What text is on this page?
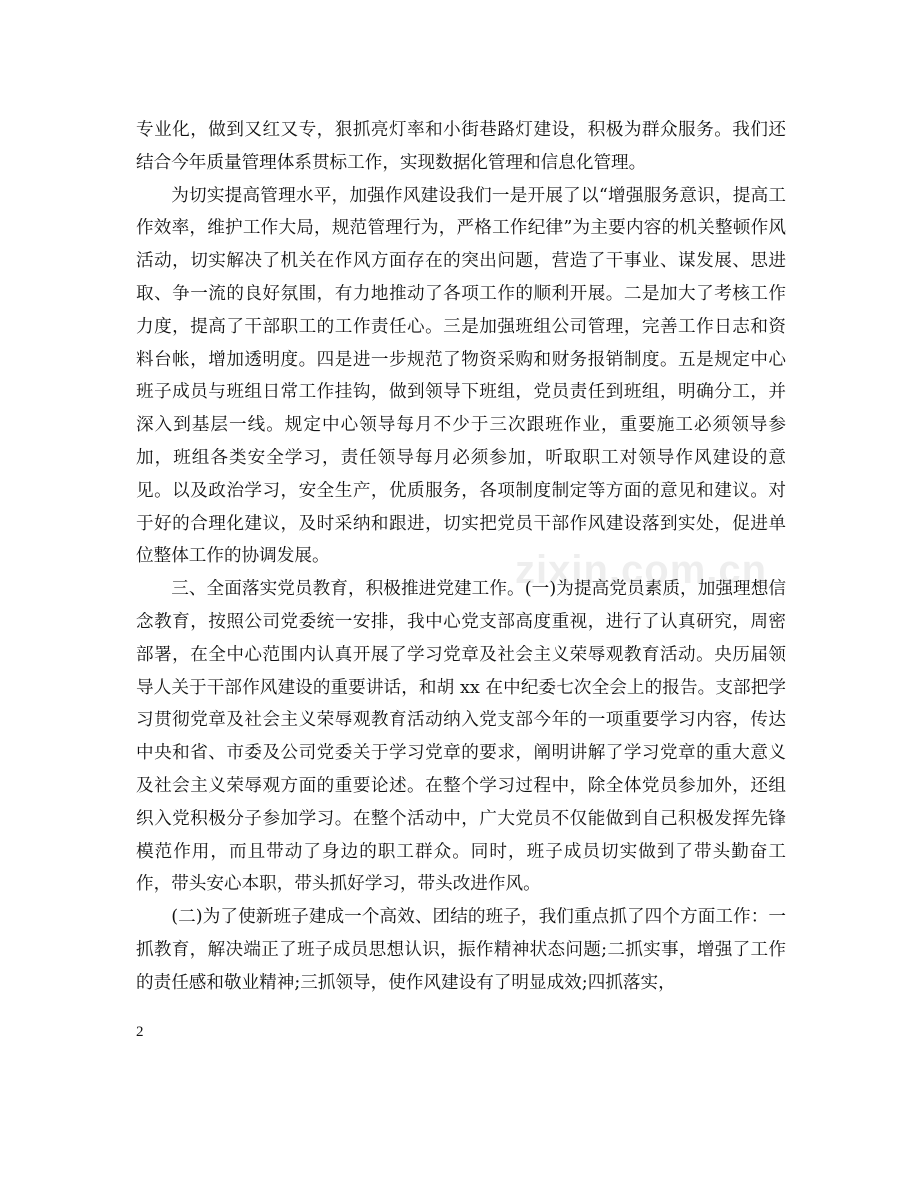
专业化，做到又红又专，狠抓亮灯率和小街巷路灯建设，积极为群众服务。我们还结合今年质量管理体系贯标工作，实现数据化管理和信息化管理。

为切实提高管理水平，加强作风建设我们一是开展了以“增强服务意识，提高工作效率，维护工作大局，规范管理行为，严格工作纪律”为主要内容的机关整顿作风活动，切实解决了机关在作风方面存在的突出问题，营造了干事业、谋发展、思进取、争一流的良好氛围，有力地推动了各项工作的顺利开展。二是加大了考核工作力度，提高了干部职工的工作责任心。三是加强班组公司管理，完善工作日志和资料台帐，增加透明度。四是进一步规范了物资采购和财务报销制度。五是规定中心班子成员与班组日常工作挂钩，做到领导下班组，党员责任到班组，明确分工，并深入到基层一线。规定中心领导每月不少于三次跟班作业，重要施工必须领导参加，班组各类安全学习，责任领导每月必须参加，听取职工对领导作风建设的意见。以及政治学习，安全生产，优质服务，各项制度制定等方面的意见和建议。对于好的合理化建议，及时采纳和跟进，切实把党员干部作风建设落到实处，促进单位整体工作的协调发展。

三、全面落实党员教育，积极推进党建工作。(一)为提高党员素质，加强理想信念教育，按照公司党委统一安排，我中心党支部高度重视，进行了认真研究，周密部署，在全中心范围内认真开展了学习党章及社会主义荣辱观教育活动。央历届领导人关于干部作风建设的重要讲话，和胡 xx 在中纪委七次全会上的报告。支部把学习贯彻党章及社会主义荣辱观教育活动纳入党支部今年的一项重要学习内容，传达中央和省、市委及公司党委关于学习党章的要求，阐明讲解了学习党章的重大意义及社会主义荣辱观方面的重要论述。在整个学习过程中，除全体党员参加外，还组织入党积极分子参加学习。在整个活动中，广大党员不仅能做到自己积极发挥先锋模范作用，而且带动了身边的职工群众。同时，班子成员切实做到了带头勤奋工作，带头安心本职，带头抓好学习，带头改进作风。

(二)为了使新班子建成一个高效、团结的班子，我们重点抓了四个方面工作：一抓教育，解决端正了班子成员思想认识，振作精神状态问题;二抓实事，增强了工作的责任感和敬业精神;三抓领导，使作风建设有了明显成效;四抓落实，

zixin.com.cn
2
